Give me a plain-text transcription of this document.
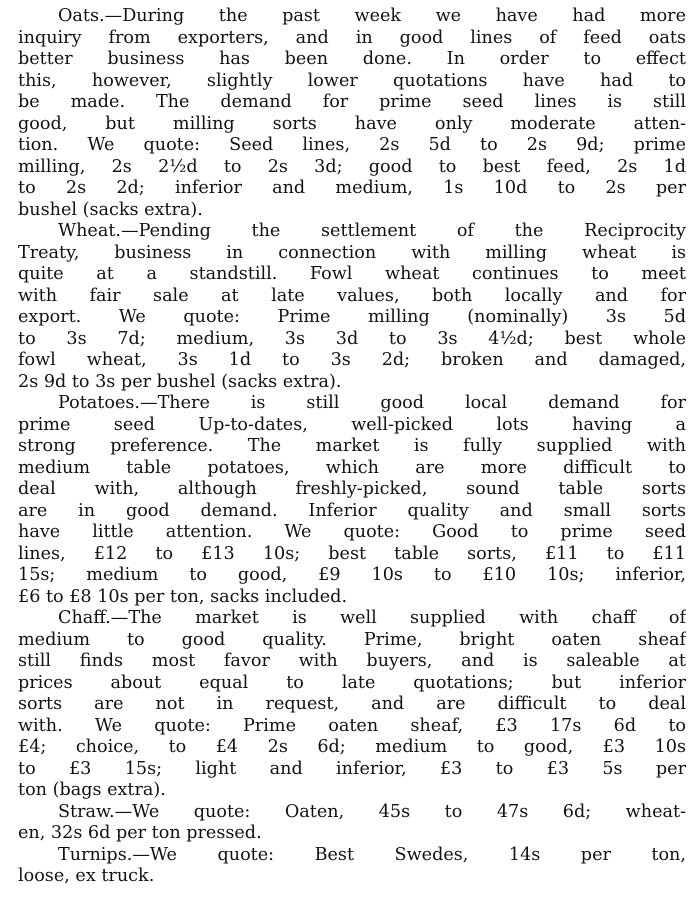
Oats.—During the past week we have had more
inquiry from exporters, and in good lines of feed oats
better business has been done. In order to effect
this, however, slightly lower quotations have had to
be made. The demand for prime seed lines is still
good, but milling sorts have only moderate atten-
tion. We quote: Seed lines, 2s 5d to 2s 9d; prime
milling, 2s 2½d to 2s 3d; good to best feed, 2s 1d
to 2s 2d; inferior and medium, 1s 10d to 2s per
bushel (sacks extra).
Wheat.—Pending the settlement of the Reciprocity
Treaty, business in connection with milling wheat is
quite at a standstill. Fowl wheat continues to meet
with fair sale at late values, both locally and for
export. We quote: Prime milling (nominally) 3s 5d
to 3s 7d; medium, 3s 3d to 3s 4½d; best whole
fowl wheat, 3s 1d to 3s 2d; broken and damaged,
2s 9d to 3s per bushel (sacks extra).
Potatoes.—There is still good local demand for
prime seed Up-to-dates, well-picked lots having a
strong preference. The market is fully supplied with
medium table potatoes, which are more difficult to
deal with, although freshly-picked, sound table sorts
are in good demand. Inferior quality and small sorts
have little attention. We quote: Good to prime seed
lines, £12 to £13 10s; best table sorts, £11 to £11
15s; medium to good, £9 10s to £10 10s; inferior,
£6 to £8 10s per ton, sacks included.
Chaff.—The market is well supplied with chaff of
medium to good quality. Prime, bright oaten sheaf
still finds most favor with buyers, and is saleable at
prices about equal to late quotations; but inferior
sorts are not in request, and are difficult to deal
with. We quote: Prime oaten sheaf, £3 17s 6d to
£4; choice, to £4 2s 6d; medium to good, £3 10s
to £3 15s; light and inferior, £3 to £3 5s per
ton (bags extra).
Straw.—We quote: Oaten, 45s to 47s 6d; wheat-
en, 32s 6d per ton pressed.
Turnips.—We quote: Best Swedes, 14s per ton,
loose, ex truck.
